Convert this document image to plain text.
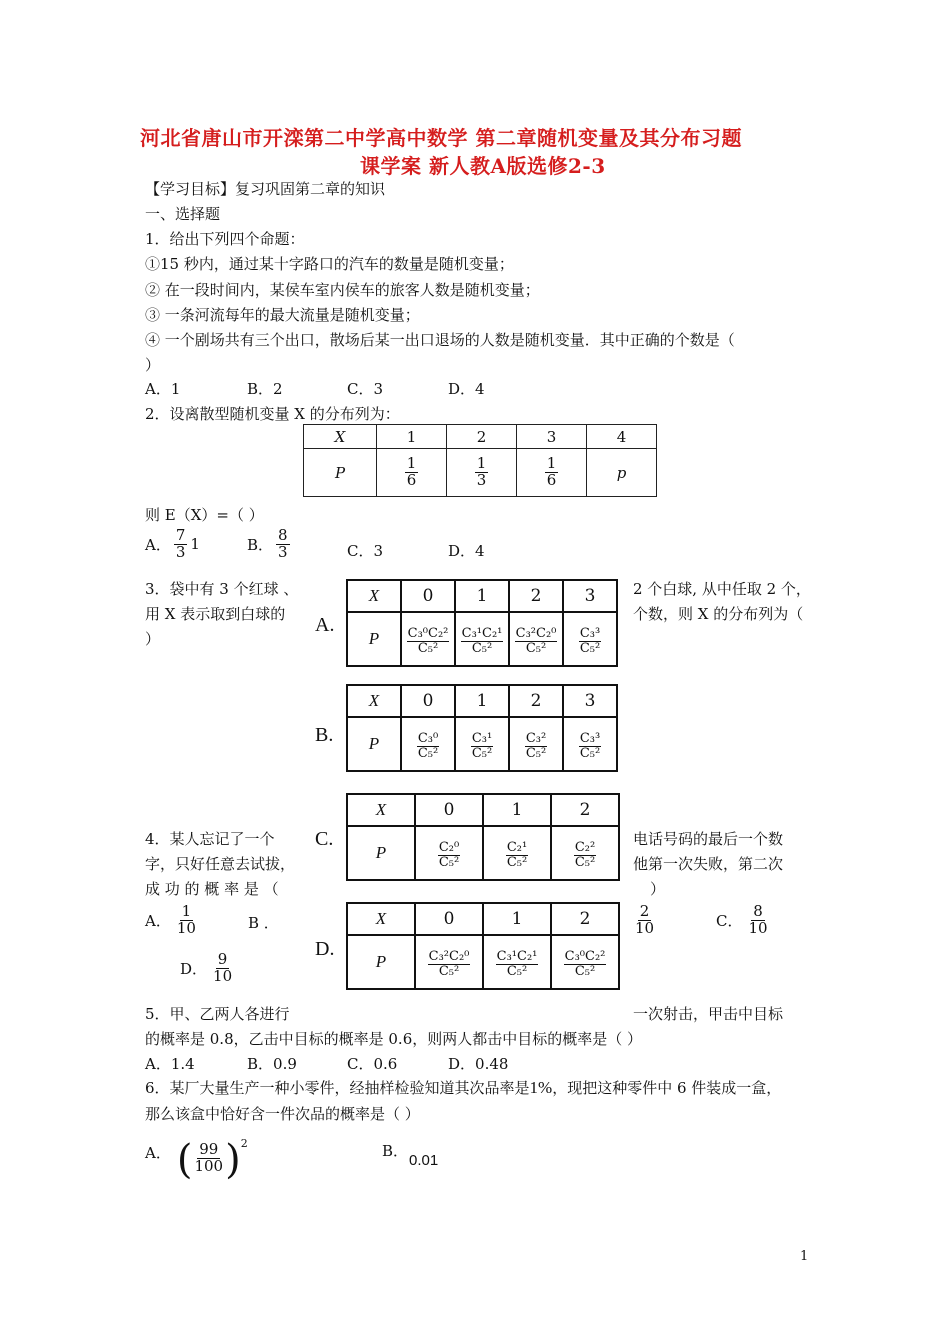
河北省唐山市开滦第二中学高中数学 第二章随机变量及其分布习题
课学案 新人教A版选修2-3
【学习目标】复习巩固第二章的知识
一、选择题
1．给出下列四个命题：
①15 秒内，通过某十字路口的汽车的数量是随机变量；
② 在一段时间内，某侯车室内侯车的旅客人数是随机变量；
③ 一条河流每年的最大流量是随机变量；
④ 一个剧场共有三个出口，散场后某一出口退场的人数是随机变量．其中正确的个数是（
）
A．1	B．2	C．3	D．4
2．设离散型随机变量 X 的分布列为：
X	1	2	3	4
P	$\frac{1}{6}$	$\frac{1}{3}$	$\frac{1}{6}$	p
则 E（X）=（ ）
A． $\frac{7}{3} 1$	B． $\frac{8}{3}$	C．3	D．4
3．袋中有 3 个红球 、
用 X 表示取到白球的
）
2 个白球, 从中任取 2 个，
个数，则 X 的分布列为（
A.
X	0	1	2	3
P	$\frac{\text{C₃⁰C₂²}}{\text{C₅²}}$	$\frac{\text{C₃¹C₂¹}}{\text{C₅²}}$	$\frac{\text{C₃²C₂⁰}}{\text{C₅²}}$	$\frac{\text{C₃³}}{\text{C₅²}}$
B.
X	0	1	2	3
P	$\frac{\text{C₃⁰}}{\text{C₅²}}$	$\frac{\text{C₃¹}}{\text{C₅²}}$	$\frac{\text{C₃²}}{\text{C₅²}}$	$\frac{\text{C₃³}}{\text{C₅²}}$
C.
X	0	1	2
P	$\frac{\text{C₂⁰}}{\text{C₅²}}$	$\frac{\text{C₂¹}}{\text{C₅²}}$	$\frac{\text{C₂²}}{\text{C₅²}}$
D.
X	0	1	2
P	$\frac{\text{C₃²C₂⁰}}{\text{C₅²}}$	$\frac{\text{C₃¹C₂¹}}{\text{C₅²}}$	$\frac{\text{C₃⁰C₂²}}{\text{C₅²}}$
4．某人忘记了一个
字，只好任意去试拔，
成 功 的 概 率 是 （
电话号码的最后一个数
他第一次失败，第二次
）
A． $\frac{1}{10}$	B ．	$\frac{2}{10}$	C． $\frac{8}{10}$
D． $\frac{9}{10}$
5．甲、乙两人各进行	一次射击，甲击中目标
的概率是 0.8，乙击中目标的概率是 0.6，则两人都击中目标的概率是（ ）
A．1.4	B．0.9	C．0.6	D．0.48
6．某厂大量生产一种小零件，经抽样检验知道其次品率是1%，现把这种零件中 6 件装成一盒，
那么该盒中恰好含一件次品的概率是（ ）
A． ( $\frac{99}{100}$ ) 2	B．
0.01
1
